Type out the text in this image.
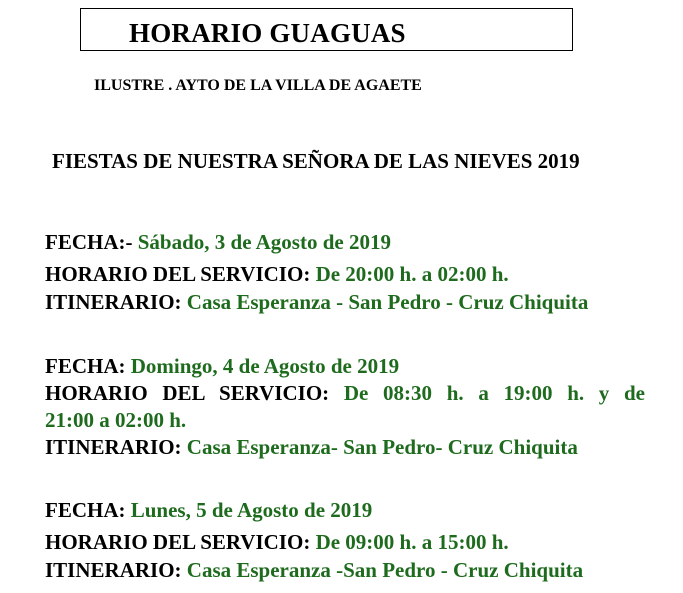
HORARIO GUAGUAS
ILUSTRE . AYTO DE LA VILLA DE AGAETE
FIESTAS DE NUESTRA SEÑORA DE LAS NIEVES 2019
FECHA:- Sábado, 3 de Agosto de 2019
HORARIO DEL SERVICIO: De 20:00 h. a 02:00 h.
ITINERARIO: Casa Esperanza - San Pedro - Cruz Chiquita
FECHA: Domingo, 4 de Agosto de 2019
HORARIO DEL SERVICIO: De 08:30 h. a 19:00 h. y de
21:00 a 02:00 h.
ITINERARIO: Casa Esperanza- San Pedro- Cruz Chiquita
FECHA: Lunes, 5 de Agosto de 2019
HORARIO DEL SERVICIO: De 09:00 h. a 15:00 h.
ITINERARIO: Casa Esperanza -San Pedro - Cruz Chiquita
